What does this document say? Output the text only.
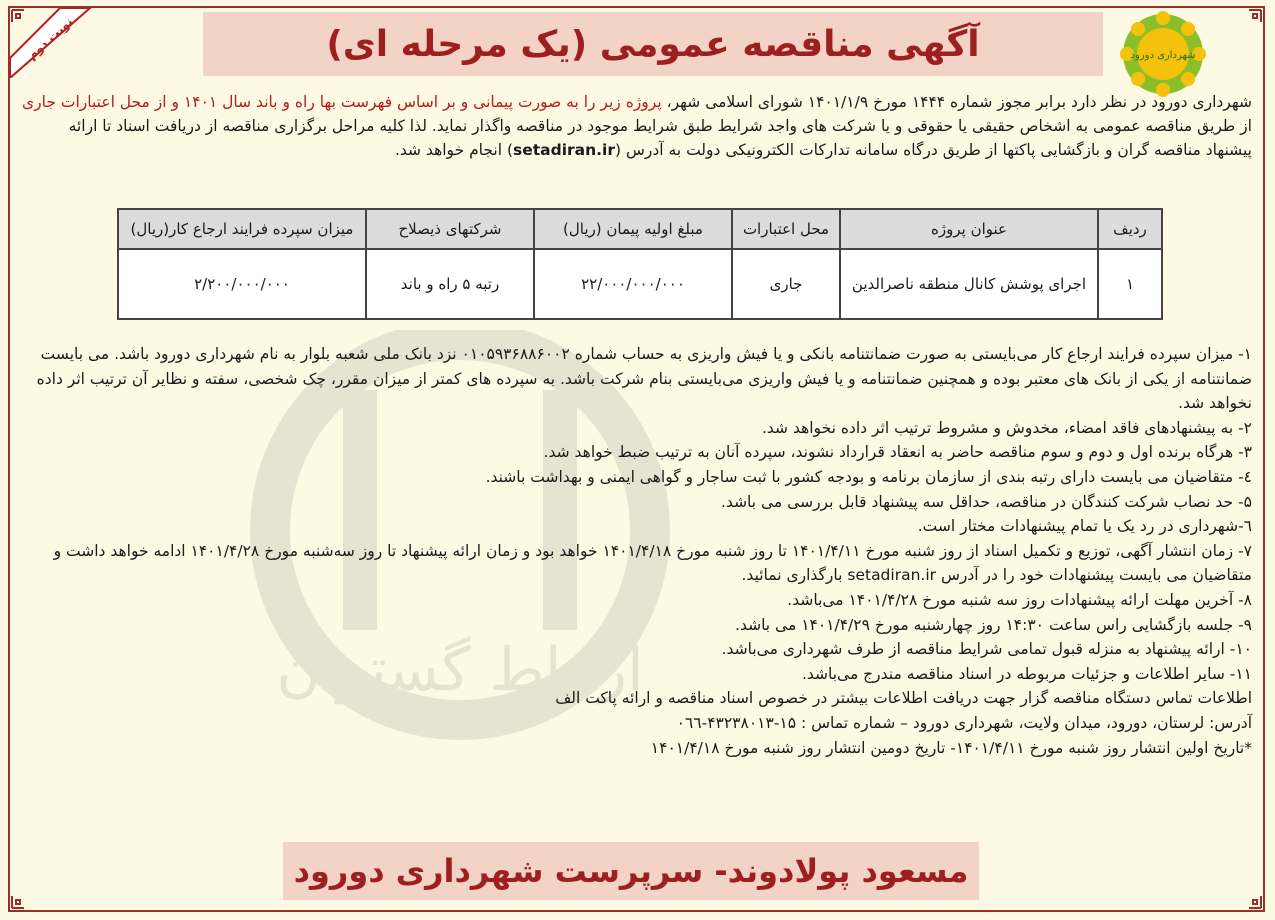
ارتباط گستران
نوبت دوم	آگهی مناقصه عمومی (یک مرحله ای)	شهرداری دورود
شهرداری دورود در نظر دارد برابر مجوز شماره ۱۴۴۴ مورخ ۱۴۰۱/۱/۹ شورای اسلامی شهر، پروژه زیر را به صورت پیمانی و بر اساس فهرست بها راه و باند سال ۱۴۰۱ و از محل اعتبارات جاری از طریق مناقصه عمومی به اشخاص حقیقی یا حقوقی و یا شرکت های واجد شرایط طبق شرایط موجود در مناقصه واگذار نماید. لذا کلیه مراحل برگزاری مناقصه از دریافت اسناد تا ارائه پیشنهاد مناقصه گران و بازگشایی پاکتها از طریق درگاه سامانه تدارکات الکترونیکی دولت به آدرس (setadiran.ir) انجام خواهد شد.
ردیف	عنوان پروژه	محل اعتبارات	مبلغ اولیه پیمان (ریال)	شرکتهای ذیصلاح	میزان سپرده فرایند ارجاع کار(ریال)
۱	اجرای پوشش کانال منطقه ناصرالدین	جاری	۲۲/۰۰۰/۰۰۰/۰۰۰	رتبه ۵ راه و باند	۲/۲۰۰/۰۰۰/۰۰۰

۱- میزان سپرده فرایند ارجاع کار می‌بایستی به صورت ضمانتنامه بانکی و یا فیش واریزی به حساب شماره ۰۱۰۵۹۳۶۸۸۶۰۰۲ نزد بانک ملی شعبه بلوار به نام شهرداری دورود باشد. می بایست ضمانتنامه از یکی از بانک های معتبر بوده و همچنین ضمانتنامه و یا فیش واریزی می‌بایستی بنام شرکت باشد. به سپرده های کمتر از میزان مقرر، چک شخصی، سفته و نظایر آن ترتیب اثر داده نخواهد شد.

۲- به پیشنهادهای فاقد امضاء، مخدوش و مشروط ترتیب اثر داده نخواهد شد.

۳- هرگاه برنده اول و دوم و سوم مناقصه حاضر به انعقاد قرارداد نشوند، سپرده آنان به ترتیب ضبط خواهد شد.

٤- متقاضیان می بایست دارای رتبه بندی از سازمان برنامه و بودجه کشور با ثبت ساجار و گواهی ایمنی و بهداشت باشند.

۵- حد نصاب شرکت کنندگان در مناقصه، حداقل سه پیشنهاد قابل بررسی می باشد.

٦-شهرداری در رد یک یا تمام پیشنهادات مختار است.

۷- زمان انتشار آگهی، توزیع و تکمیل اسناد از روز شنبه مورخ ۱۴۰۱/۴/۱۱ تا روز شنبه مورخ ۱۴۰۱/۴/۱۸ خواهد بود و زمان ارائه پیشنهاد تا روز سه‌شنبه مورخ ۱۴۰۱/۴/۲۸ ادامه خواهد داشت و متقاضیان می بایست پیشنهادات خود را در آدرس setadiran.ir بارگذاری نمائید.

۸- آخرین مهلت ارائه پیشنهادات روز سه شنبه مورخ ۱۴۰۱/۴/۲۸ می‌باشد.

۹- جلسه بازگشایی راس ساعت ۱۴:۳۰ روز چهارشنبه مورخ ۱۴۰۱/۴/۲۹ می باشد.

۱۰- ارائه پیشنهاد به منزله قبول تمامی شرایط مناقصه از طرف شهرداری می‌باشد.

۱۱- سایر اطلاعات و جزئیات مربوطه در اسناد مناقصه مندرج می‌باشد.

اطلاعات تماس دستگاه مناقصه گزار جهت دریافت اطلاعات بیشتر در خصوص اسناد مناقصه و ارائه پاکت الف

آدرس: لرستان، دورود، میدان ولایت، شهرداری دورود – شماره تماس : ۱۵-۴۳۲۳۸۰۱۳-۰٦٦

*تاریخ اولین انتشار روز شنبه مورخ ۱۴۰۱/۴/۱۱- تاریخ دومین انتشار روز شنبه مورخ ۱۴۰۱/۴/۱۸

مسعود پولادوند- سرپرست شهرداری دورود
